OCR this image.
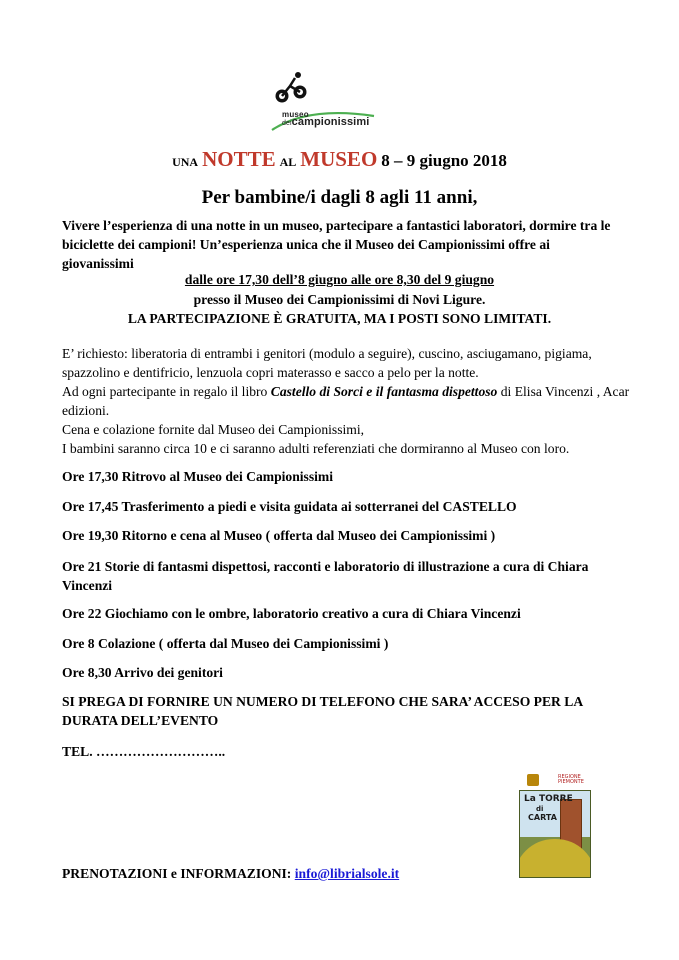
museo
deicampionissimi
UNA NOTTE AL MUSEO 8 – 9 giugno 2018
Per bambine/i dagli 8 agli 11 anni,
Vivere l’esperienza di una notte in un museo, partecipare a fantastici laboratori, dormire tra le biciclette dei campioni! Un’esperienza unica che il Museo dei Campionissimi offre ai giovanissimi
dalle ore 17,30 dell’8 giugno alle ore 8,30 del 9 giugno
presso il Museo dei Campionissimi di Novi Ligure.
LA PARTECIPAZIONE È GRATUITA, MA I POSTI SONO LIMITATI.
E’ richiesto: liberatoria di entrambi i genitori (modulo a seguire), cuscino, asciugamano, pigiama, spazzolino e dentifricio, lenzuola copri materasso e sacco a pelo per la notte.
Ad ogni partecipante in regalo il libro Castello di Sorci e il fantasma dispettoso di Elisa Vincenzi , Acar edizioni.
Cena e colazione fornite dal Museo dei Campionissimi,
I bambini saranno circa 10 e ci saranno adulti referenziati che dormiranno al Museo con loro.
Ore 17,30 Ritrovo al Museo dei Campionissimi
Ore 17,45 Trasferimento a piedi e visita guidata ai sotterranei del CASTELLO
Ore 19,30 Ritorno e cena al Museo ( offerta dal Museo dei Campionissimi )
Ore 21 Storie di fantasmi dispettosi, racconti e laboratorio di illustrazione a cura di Chiara Vincenzi
Ore 22 Giochiamo con le ombre, laboratorio creativo a cura di Chiara Vincenzi
Ore 8 Colazione ( offerta dal Museo dei Campionissimi )
Ore 8,30 Arrivo dei genitori
SI PREGA DI FORNIRE UN NUMERO DI TELEFONO CHE SARA’ ACCESO PER LA DURATA DELL’EVENTO
TEL. ………………………..
REGIONE PIEMONTE
La TORRE
di
CARTA
PRENOTAZIONI e INFORMAZIONI: info@librialsole.it
